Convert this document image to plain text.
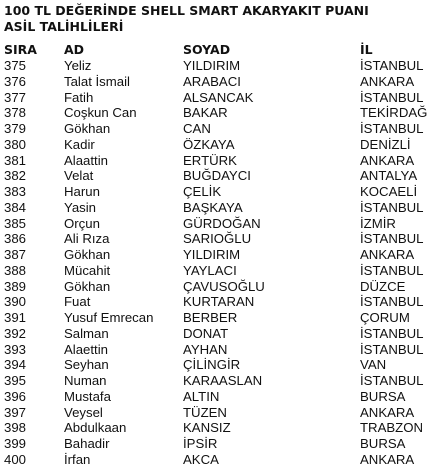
100 TL DEĞERİNDE SHELL SMART AKARYAKIT PUANI
ASİL TALİHLİLERİ
SIRA	AD	SOYAD	İL
375	Yeliz	YILDIRIM	İSTANBUL
376	Talat İsmail	ARABACI	ANKARA
377	Fatih	ALSANCAK	İSTANBUL
378	Coşkun Can	BAKAR	TEKİRDAĞ
379	Gökhan	CAN	İSTANBUL
380	Kadir	ÖZKAYA	DENİZLİ
381	Alaattin	ERTÜRK	ANKARA
382	Velat	BUĞDAYCI	ANTALYA
383	Harun	ÇELİK	KOCAELİ
384	Yasin	BAŞKAYA	İSTANBUL
385	Orçun	GÜRDOĞAN	İZMİR
386	Ali Rıza	SARIOĞLU	İSTANBUL
387	Gökhan	YILDIRIM	ANKARA
388	Mücahit	YAYLACI	İSTANBUL
389	Gökhan	ÇAVUSOĞLU	DÜZCE
390	Fuat	KURTARAN	İSTANBUL
391	Yusuf Emrecan	BERBER	ÇORUM
392	Salman	DONAT	İSTANBUL
393	Alaettin	AYHAN	İSTANBUL
394	Seyhan	ÇİLİNGİR	VAN
395	Numan	KARAASLAN	İSTANBUL
396	Mustafa	ALTIN	BURSA
397	Veysel	TÜZEN	ANKARA
398	Abdulkaan	KANSIZ	TRABZON
399	Bahadir	İPSİR	BURSA
400	İrfan	AKCA	ANKARA
